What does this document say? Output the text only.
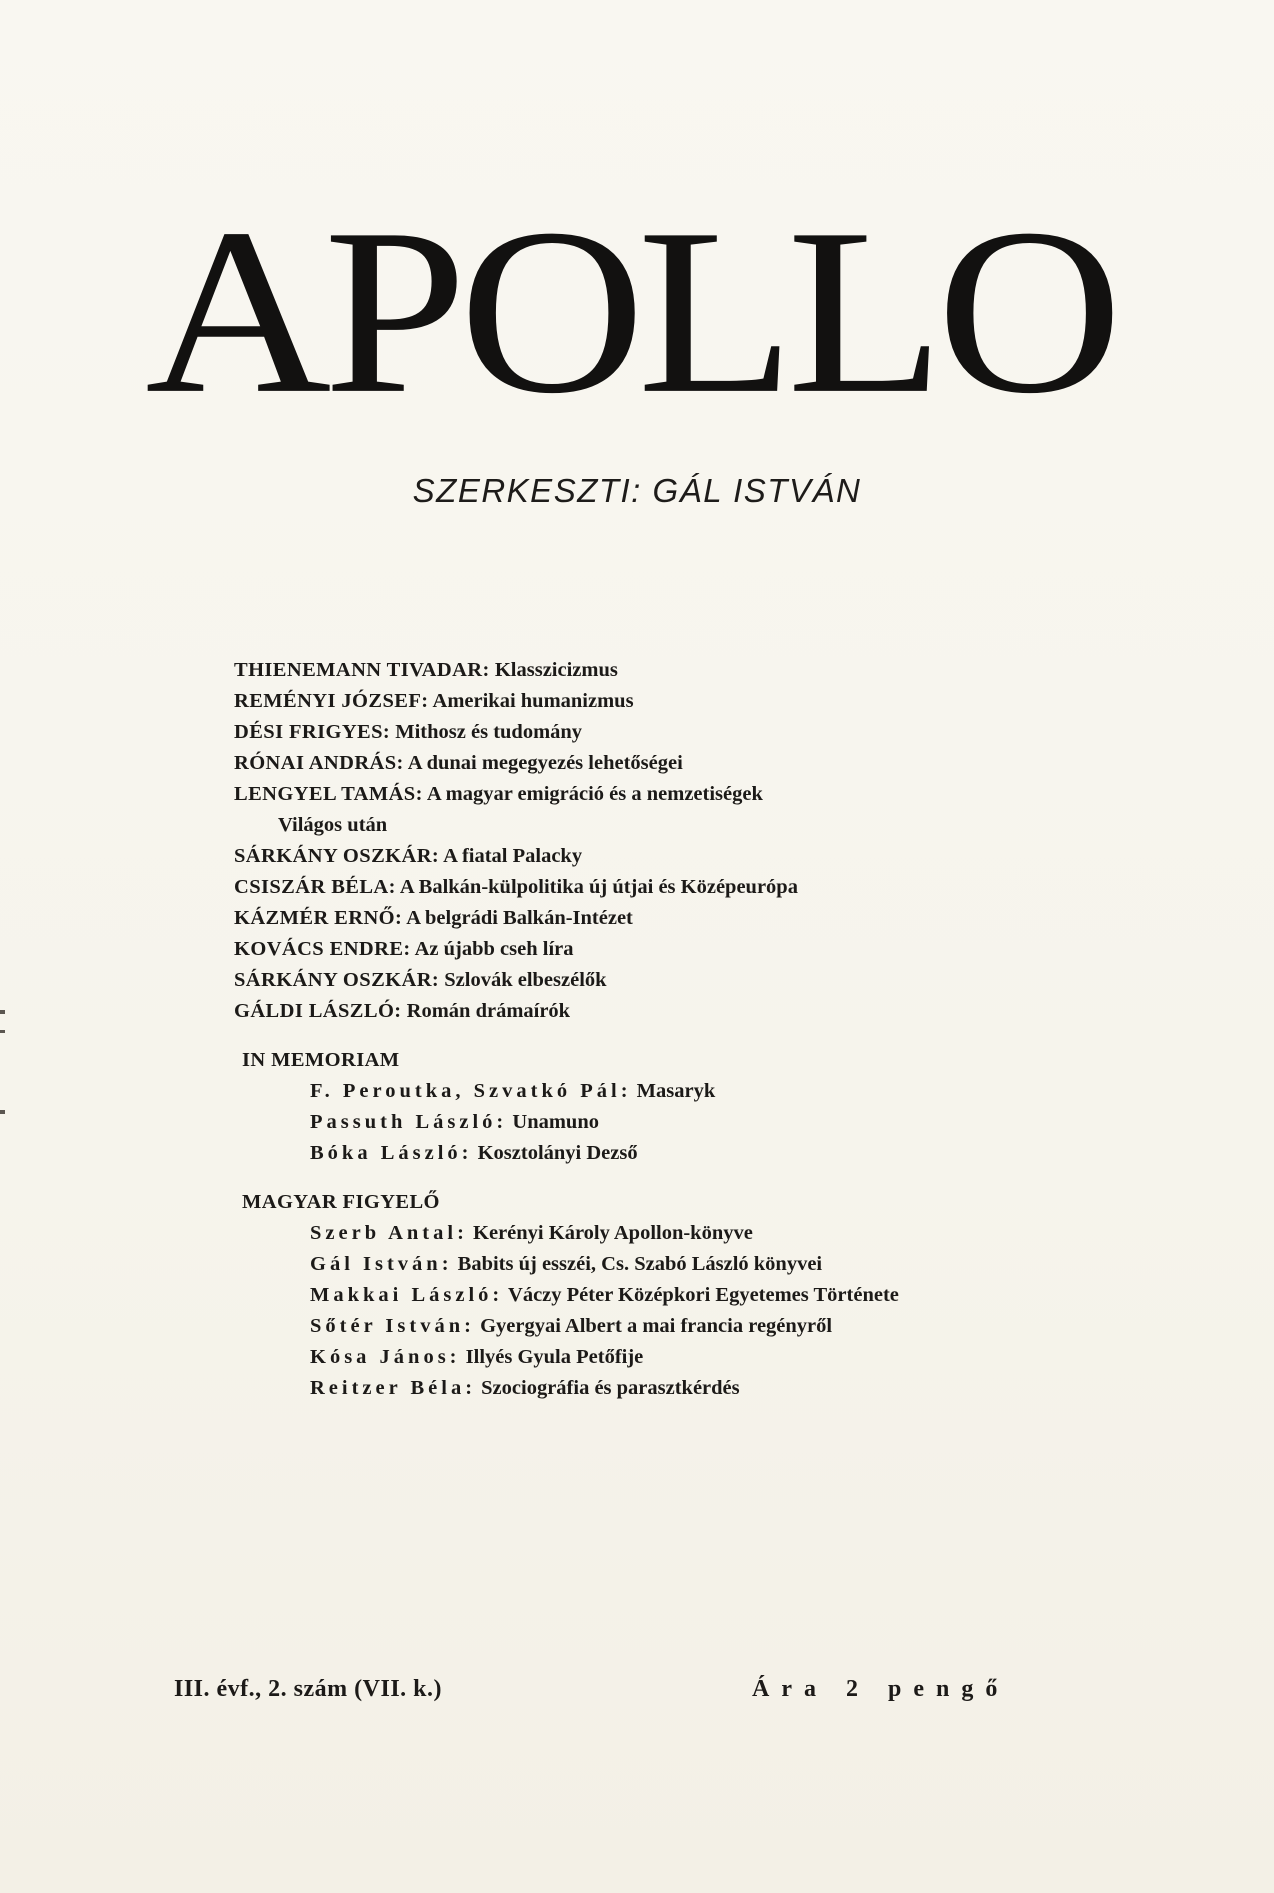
APOLLO
SZERKESZTI: GÁL ISTVÁN
THIENEMANN TIVADAR: Klasszicizmus
REMÉNYI JÓZSEF: Amerikai humanizmus
DÉSI FRIGYES: Mithosz és tudomány
RÓNAI ANDRÁS: A dunai megegyezés lehetőségei
LENGYEL TAMÁS: A magyar emigráció és a nemzetiségek
Világos után
SÁRKÁNY OSZKÁR: A fiatal Palacky
CSISZÁR BÉLA: A Balkán-külpolitika új útjai és Középeurópa
KÁZMÉR ERNŐ: A belgrádi Balkán-Intézet
KOVÁCS ENDRE: Az újabb cseh líra
SÁRKÁNY OSZKÁR: Szlovák elbeszélők
GÁLDI LÁSZLÓ: Román drámaírók
IN MEMORIAM
F. Peroutka, Szvatkó Pál: Masaryk
Passuth László: Unamuno
Bóka László: Kosztolányi Dezső
MAGYAR FIGYELŐ
Szerb Antal: Kerényi Károly Apollon-könyve
Gál István: Babits új esszéi, Cs. Szabó László könyvei
Makkai László: Váczy Péter Középkori Egyetemes Története
Sőtér István: Gyergyai Albert a mai francia regényről
Kósa János: Illyés Gyula Petőfije
Reitzer Béla: Szociográfia és parasztkérdés
III. évf., 2. szám (VII. k.)	Ára 2 pengő
